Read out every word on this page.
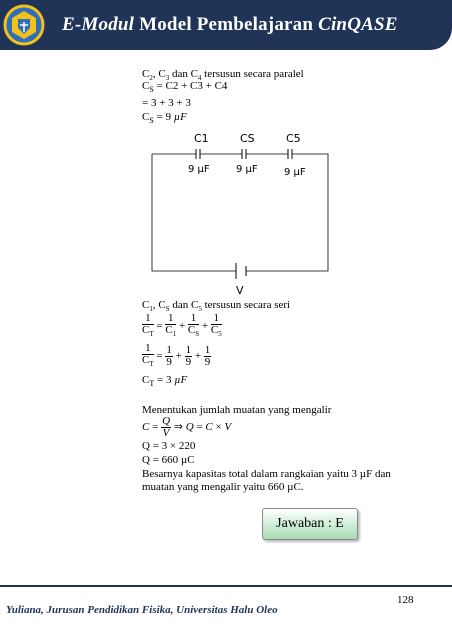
E-Modul Model Pembelajaran CinQASE
$C_2$, $C_3$ dan $C_4$ tersusun secara paralel
$C_S = C2 + C3 + C4$
= 3 + 3 + 3
$C_S = 9$ µF
C1	CS	C5
9 µF	9 µF	9 µF
V
$C_1$, $C_S$ dan $C_5$ tersusun secara seri
$\frac{1}{C_T} = \frac{1}{C_1} + \frac{1}{C_S} + \frac{1}{C_5}$
$\frac{1}{C_T} = \frac{1}{9} + \frac{1}{9} + \frac{1}{9}$
$C_T = 3$ µF
Menentukan jumlah muatan yang mengalir
$C = \frac{Q}{V}$ ⇒ Q = C × V
Q = 3 × 220
Q = 660 µC
Besarnya kapasitas total dalam rangkaian yaitu 3 µF dan
muatan yang mengalir yaitu 660 µC.
Jawaban : E
128
Yuliana, Jurusan Pendidikan Fisika, Universitas Halu Oleo
